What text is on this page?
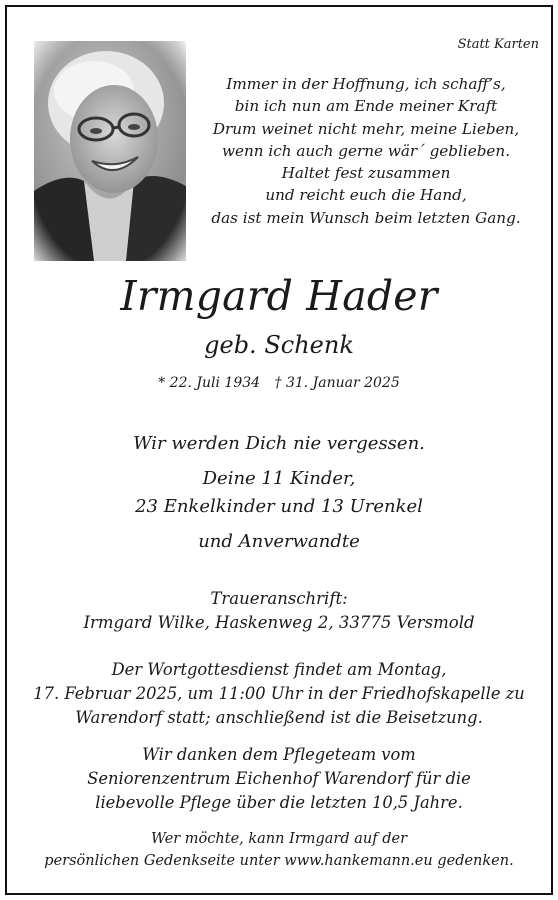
Statt Karten
Immer in der Hoffnung, ich schaff’s,
bin ich nun am Ende meiner Kraft
Drum weinet nicht mehr, meine Lieben,
wenn ich auch gerne wär´ geblieben.
Haltet fest zusammen
und reicht euch die Hand,
das ist mein Wunsch beim letzten Gang.
Irmgard Hader
geb. Schenk
* 22. Juli 1934 † 31. Januar 2025
Wir werden Dich nie vergessen.
Deine 11 Kinder,
23 Enkelkinder und 13 Urenkel
und Anverwandte
Traueranschrift:
Irmgard Wilke, Haskenweg 2, 33775 Versmold
Der Wortgottesdienst findet am Montag,
17. Februar 2025, um 11:00 Uhr in der Friedhofskapelle zu
Warendorf statt; anschließend ist die Beisetzung.
Wir danken dem Pflegeteam vom
Seniorenzentrum Eichenhof Warendorf für die
liebevolle Pflege über die letzten 10,5 Jahre.
Wer möchte, kann Irmgard auf der
persönlichen Gedenkseite unter www.hankemann.eu gedenken.
